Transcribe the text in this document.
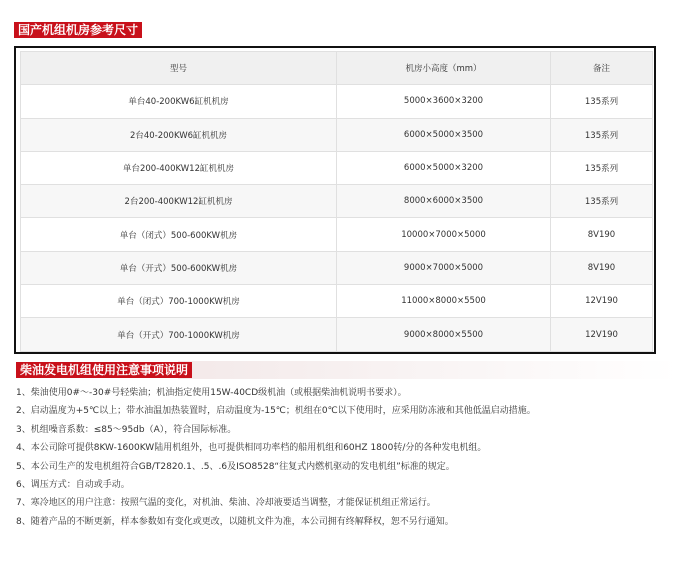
国产机组机房参考尺寸
型号	机房小高度（mm）	备注
单台40-200KW6缸机机房	5000×3600×3200	135系列
2台40-200KW6缸机机房	6000×5000×3500	135系列
单台200-400KW12缸机机房	6000×5000×3200	135系列
2台200-400KW12缸机机房	8000×6000×3500	135系列
单台（闭式）500-600KW机房	10000×7000×5000	8V190
单台（开式）500-600KW机房	9000×7000×5000	8V190
单台（闭式）700-1000KW机房	11000×8000×5500	12V190
单台（开式）700-1000KW机房	9000×8000×5500	12V190
柴油发电机组使用注意事项说明
1、柴油使用0#～-30#号轻柴油；机油指定使用15W-40CD级机油（或根据柴油机说明书要求）。
2、启动温度为+5℃以上；带水油温加热装置时，启动温度为-15℃；机组在0℃以下使用时，应采用防冻液和其他低温启动措施。
3、机组噪音系数：≤85～95db（A），符合国际标准。
4、本公司除可提供8KW-1600KW陆用机组外，也可提供相同功率档的船用机组和60HZ 1800转/分的各种发电机组。
5、本公司生产的发电机组符合GB/T2820.1、.5、.6及ISO8528“往复式内燃机驱动的发电机组”标准的规定。
6、调压方式：自动或手动。
7、寒冷地区的用户注意：按照气温的变化，对机油、柴油、冷却液要适当调整，才能保证机组正常运行。
8、随着产品的不断更新，样本参数如有变化或更改，以随机文件为准，本公司拥有终解释权，恕不另行通知。
